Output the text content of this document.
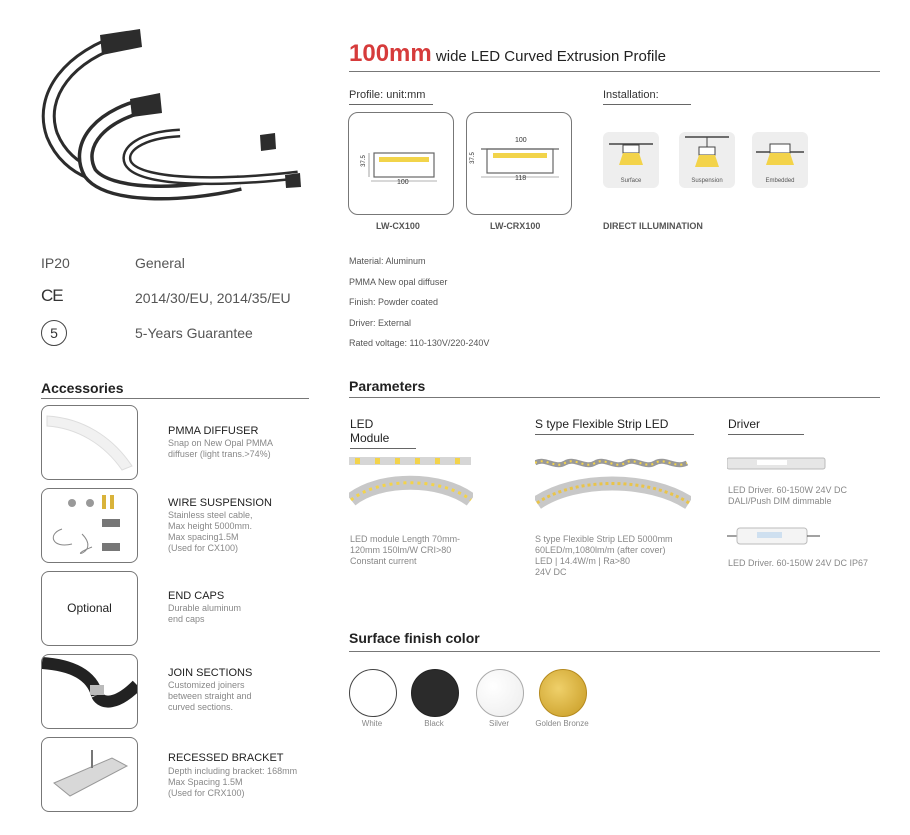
100mm wide LED Curved Extrusion Profile
Profile: unit:mm
37.5
100
LW-CX100
100
37.5
118
LW-CRX100
Installation:
Surface	Suspension	Embedded
DIRECT ILLUMINATION
IP20	General
CE	2014/30/EU, 2014/35/EU
5	5-Years Guarantee
Material: Aluminum
PMMA New opal diffuser
Finish: Powder coated
Driver: External
Rated voltage: 110-130V/220-240V
Accessories
PMMA DIFFUSER
Snap on New Opal PMMA
diffuser (light trans.>74%)
WIRE SUSPENSION
Stainless steel cable,
Max height 5000mm.
Max spacing1.5M
(Used for CX100)
Optional
END CAPS
Durable aluminum
end caps
JOIN SECTIONS
Customized joiners
between straight and
curved sections.
RECESSED BRACKET
Depth including bracket: 168mm
Max Spacing 1.5M
(Used for CRX100)
Parameters
LED Module
LED module Length 70mm-
120mm 150lm/W CRI>80
Constant current
S type Flexible Strip LED
S type Flexible Strip LED 5000mm
60LED/m,1080lm/m (after cover)
LED | 14.4W/m | Ra>80
24V DC
Driver
LED Driver. 60-150W 24V DC
DALI/Push DIM dimmable
LED Driver. 60-150W 24V DC IP67
Surface finish color
White	Black	Silver	Golden Bronze
